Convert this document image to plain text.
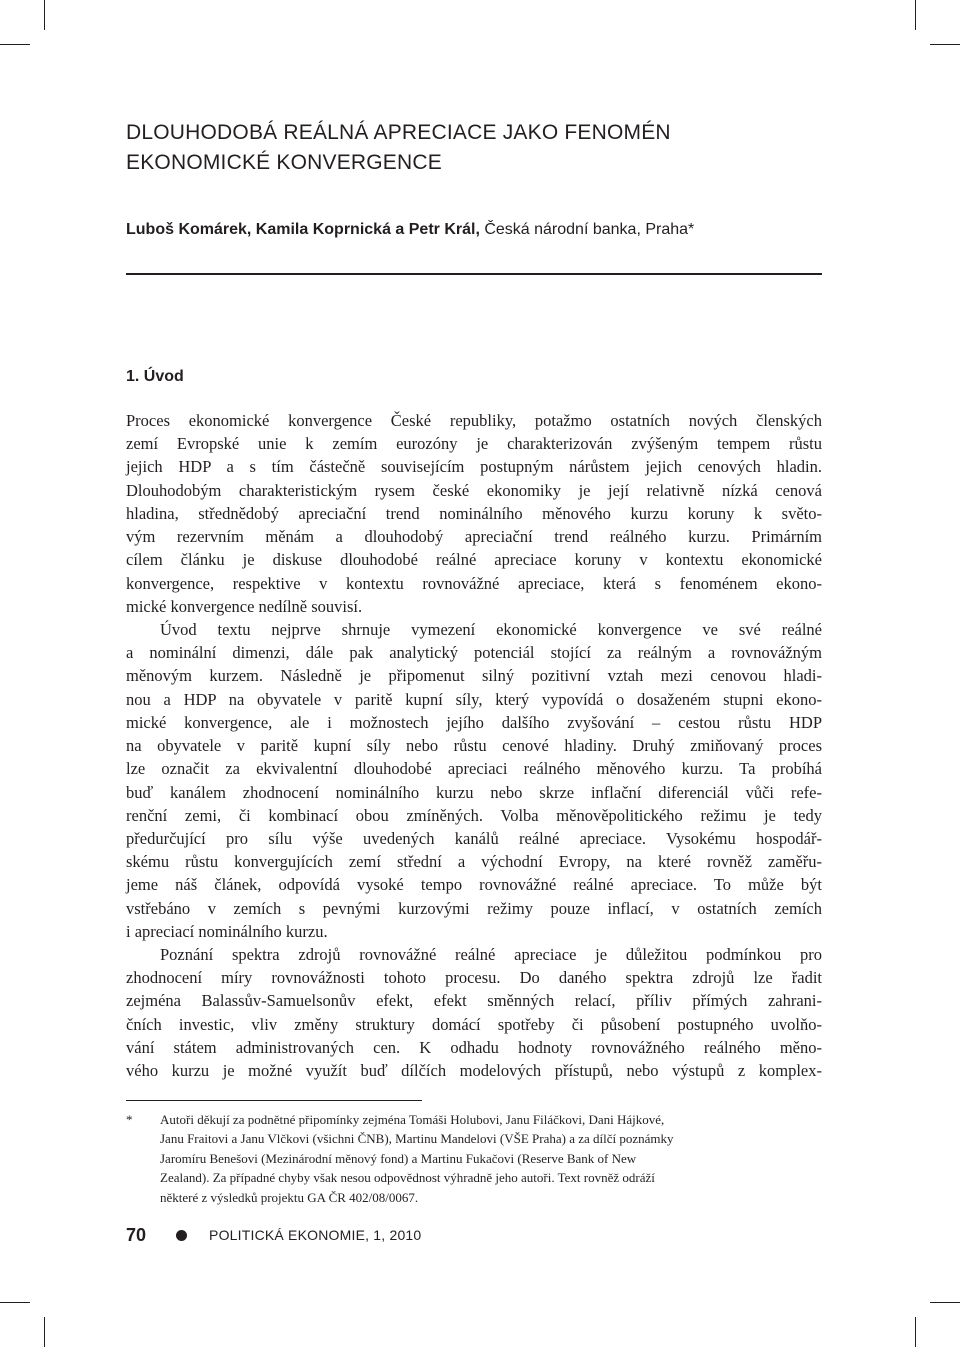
DLOUHODOBÁ REÁLNÁ APRECIACE JAKO FENOMÉN
EKONOMICKÉ KONVERGENCE
Luboš Komárek, Kamila Koprnická a Petr Král, Česká národní banka, Praha*
1. Úvod
Proces ekonomické konvergence České republiky, potažmo ostatních nových členských
zemí Evropské unie k zemím eurozóny je charakterizován zvýšeným tempem růstu
jejich HDP a s tím částečně souvisejícím postupným nárůstem jejich cenových hladin.
Dlouhodobým charakteristickým rysem české ekonomiky je její relativně nízká cenová
hladina, střednědobý apreciační trend nominálního měnového kurzu koruny k světo-
vým rezervním měnám a dlouhodobý apreciační trend reálného kurzu. Primárním
cílem článku je diskuse dlouhodobé reálné apreciace koruny v kontextu ekonomické
konvergence, respektive v kontextu rovnovážné apreciace, která s fenoménem ekono-
mické konvergence nedílně souvisí.
Úvod textu nejprve shrnuje vymezení ekonomické konvergence ve své reálné
a nominální dimenzi, dále pak analytický potenciál stojící za reálným a rovnovážným
měnovým kurzem. Následně je připomenut silný pozitivní vztah mezi cenovou hladi-
nou a HDP na obyvatele v paritě kupní síly, který vypovídá o dosaženém stupni ekono-
mické konvergence, ale i možnostech jejího dalšího zvyšování – cestou růstu HDP
na obyvatele v paritě kupní síly nebo růstu cenové hladiny. Druhý zmiňovaný proces
lze označit za ekvivalentní dlouhodobé apreciaci reálného měnového kurzu. Ta probíhá
buď kanálem zhodnocení nominálního kurzu nebo skrze inflační diferenciál vůči refe-
renční zemi, či kombinací obou zmíněných. Volba měnověpolitického režimu je tedy
předurčující pro sílu výše uvedených kanálů reálné apreciace. Vysokému hospodář-
skému růstu konvergujících zemí střední a východní Evropy, na které rovněž zaměřu-
jeme náš článek, odpovídá vysoké tempo rovnovážné reálné apreciace. To může být
vstřebáno v zemích s pevnými kurzovými režimy pouze inflací, v ostatních zemích
i apreciací nominálního kurzu.
Poznání spektra zdrojů rovnovážné reálné apreciace je důležitou podmínkou pro
zhodnocení míry rovnovážnosti tohoto procesu. Do daného spektra zdrojů lze řadit
zejména Balassův-Samuelsonův efekt, efekt směnných relací, příliv přímých zahrani-
čních investic, vliv změny struktury domácí spotřeby či působení postupného uvolňo-
vání státem administrovaných cen. K odhadu hodnoty rovnovážného reálného měno-
vého kurzu je možné využít buď dílčích modelových přístupů, nebo výstupů z komplex-
* Autoři děkují za podnětné připomínky zejména Tomáši Holubovi, Janu Filáčkovi, Dani Hájkové,
Janu Fraitovi a Janu Vlčkovi (všichni ČNB), Martinu Mandelovi (VŠE Praha) a za dílčí poznámky
Jaromíru Benešovi (Mezinárodní měnový fond) a Martinu Fukačovi (Reserve Bank of New
Zealand). Za případné chyby však nesou odpovědnost výhradně jeho autoři. Text rovněž odráží
některé z výsledků projektu GA ČR 402/08/0067.
70	POLITICKÁ EKONOMIE, 1, 2010
